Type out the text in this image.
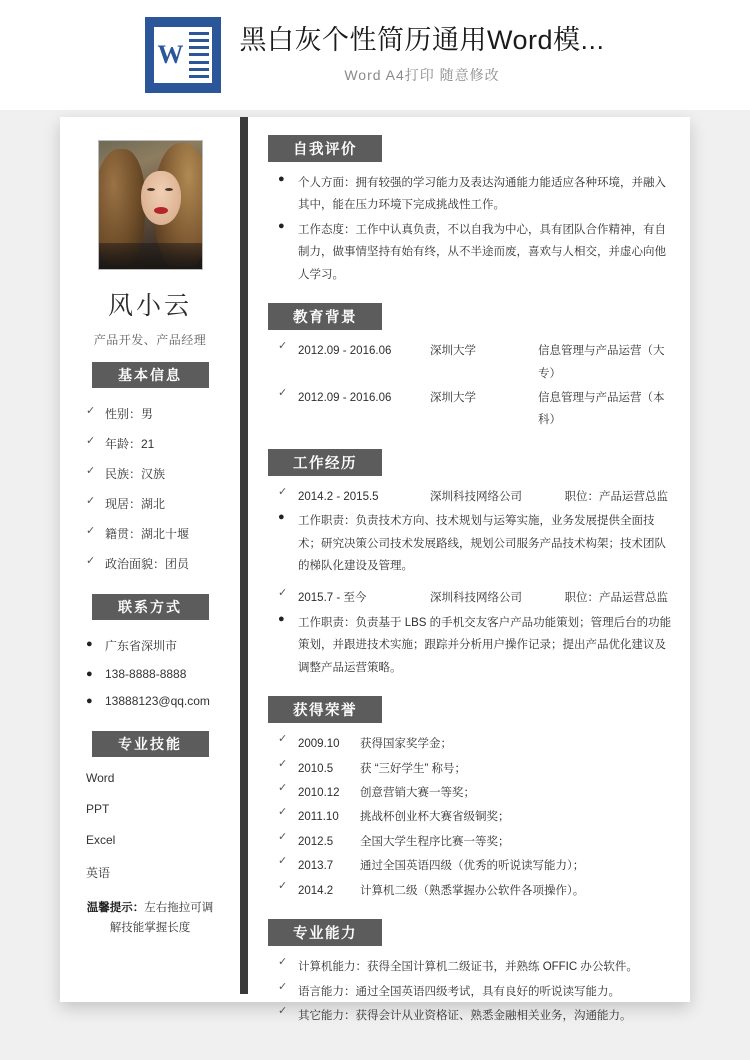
W 黑白灰个性简历通用Word模...
Word A4打印 随意修改
风小云
产品开发、产品经理
基本信息
✓ 性别：男
✓ 年龄：21
✓ 民族：汉族
✓ 现居：湖北
✓ 籍贯：湖北十堰
✓ 政治面貌：团员
联系方式
● 广东省深圳市
● 138-8888-8888
● 13888123@qq.com
专业技能
Word
PPT
Excel
英语
温馨提示：左右拖拉可调
解技能掌握长度
自我评价
● 个人方面：拥有较强的学习能力及表达沟通能力能适应各种环境，并融入其中，能在压力环境下完成挑战性工作。
● 工作态度：工作中认真负责，不以自我为中心，具有团队合作精神，有自制力，做事情坚持有始有终，从不半途而废，喜欢与人相交，并虚心向他人学习。
教育背景
✓ 2012.09 - 2016.06	深圳大学	信息管理与产品运营（大专）
✓ 2012.09 - 2016.06	深圳大学	信息管理与产品运营（本科）
工作经历
✓ 2014.2 - 2015.5	深圳科技网络公司	职位：产品运营总监
● 工作职责：负责技术方向、技术规划与运筹实施，业务发展提供全面技术；研究决策公司技术发展路线，规划公司服务产品技术构架；技术团队的梯队化建设及管理。
✓ 2015.7 - 至今	深圳科技网络公司	职位：产品运营总监
● 工作职责：负责基于 LBS 的手机交友客户产品功能策划；管理后台的功能策划，并跟进技术实施；跟踪并分析用户操作记录；提出产品优化建议及调整产品运营策略。
获得荣誉
✓ 2009.10	获得国家奖学金；
✓ 2010.5	获 “三好学生” 称号；
✓ 2010.12	创意营销大赛一等奖；
✓ 2011.10	挑战杯创业杯大赛省级铜奖；
✓ 2012.5	全国大学生程序比赛一等奖；
✓ 2013.7	通过全国英语四级（优秀的听说读写能力）；
✓ 2014.2	计算机二级（熟悉掌握办公软件各项操作）。
专业能力
✓ 计算机能力：获得全国计算机二级证书，并熟练 OFFIC 办公软件。
✓ 语言能力：通过全国英语四级考试，具有良好的听说读写能力。
✓ 其它能力：获得会计从业资格证、熟悉金融相关业务，沟通能力。
